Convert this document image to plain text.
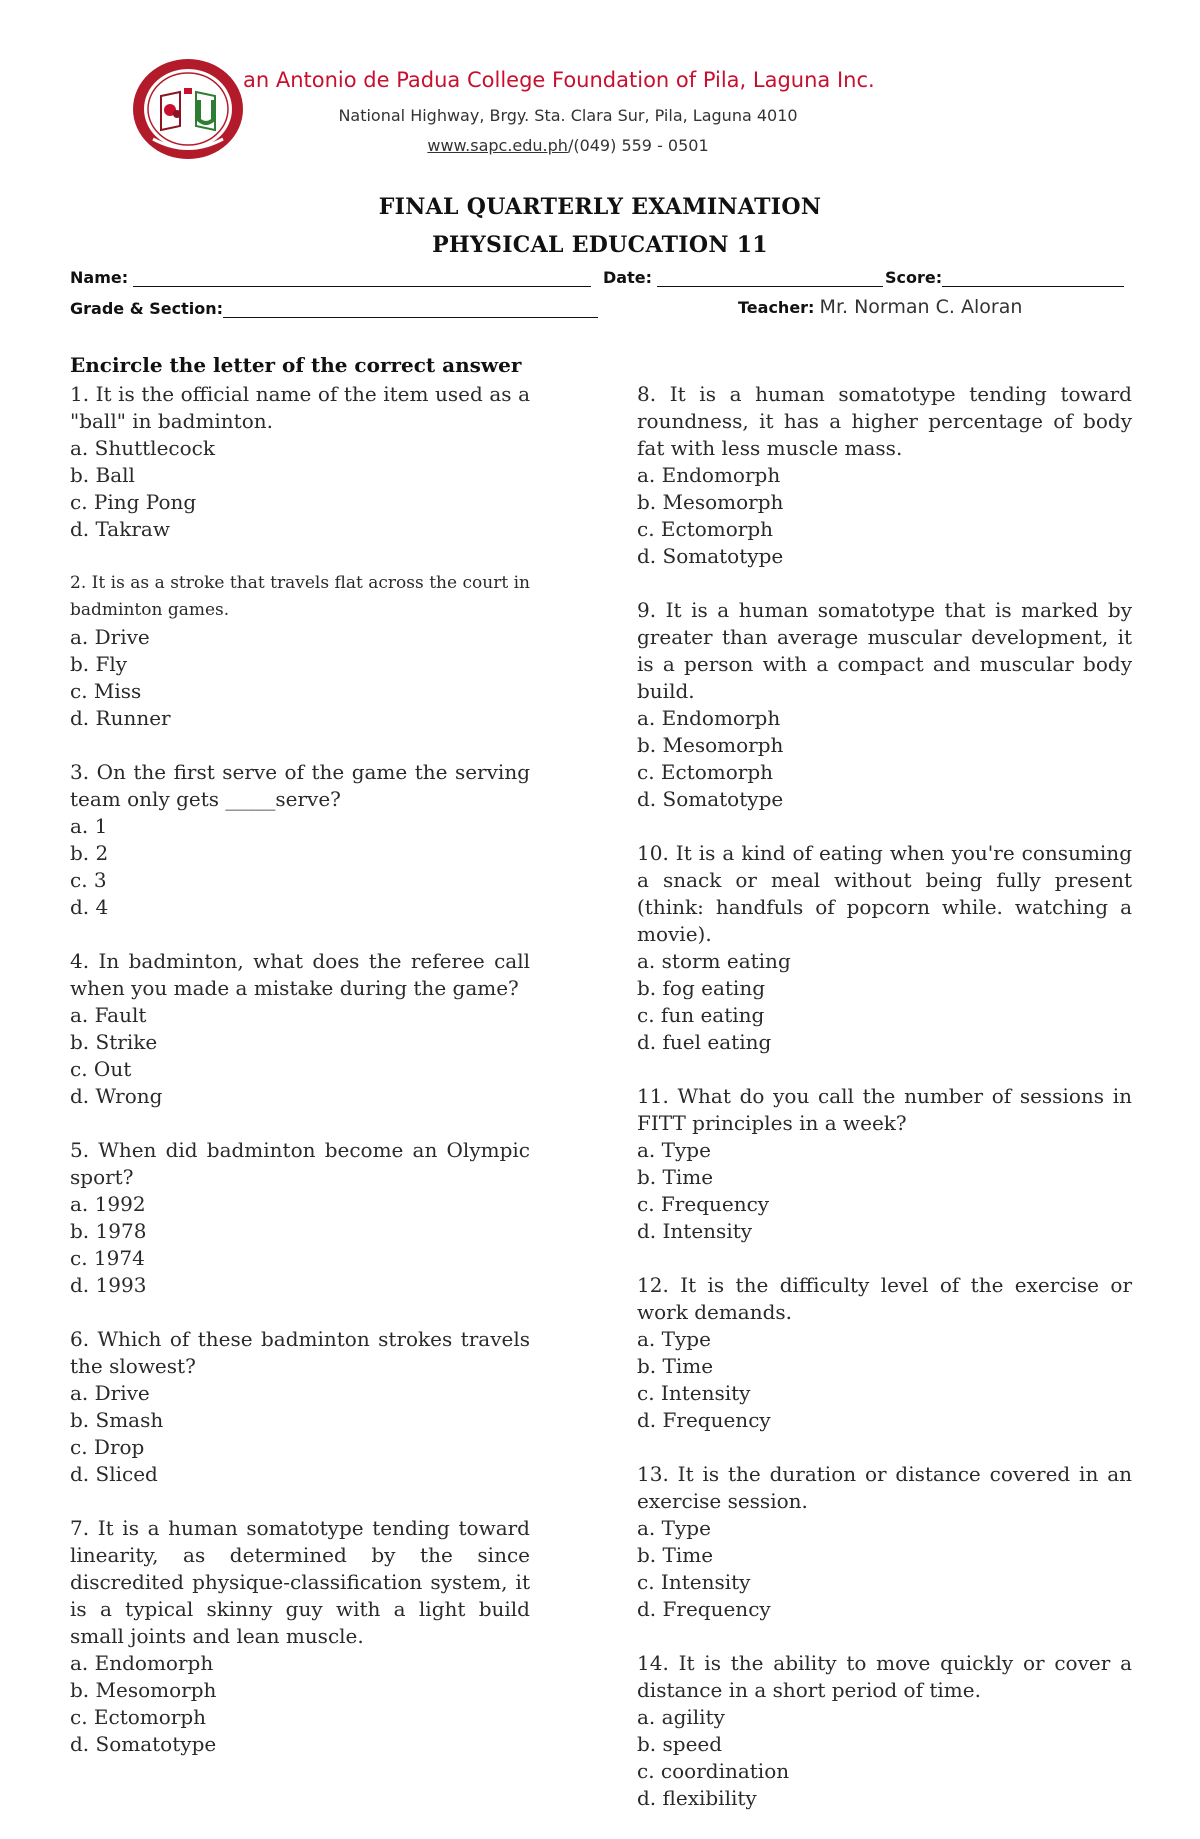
an Antonio de Padua College Foundation of Pila, Laguna Inc.
National Highway, Brgy. Sta. Clara Sur, Pila, Laguna 4010
www.sapc.edu.ph/(049) 559 - 0501
FINAL QUARTERLY EXAMINATION
PHYSICAL EDUCATION 11
Name:	Date:	Score:
Grade & Section:	Teacher: Mr. Norman C. Aloran
Encircle the letter of the correct answer
1. It is the official name of the item used as a "ball" in badminton.
a. Shuttlecock
b. Ball
c. Ping Pong
d. Takraw
2. It is as a stroke that travels flat across the court in badminton games.
a. Drive
b. Fly
c. Miss
d. Runner
3. On the first serve of the game the serving team only gets _____serve?
a. 1
b. 2
c. 3
d. 4
4. In badminton, what does the referee call when you made a mistake during the game?
a. Fault
b. Strike
c. Out
d. Wrong
5. When did badminton become an Olympic sport?
a. 1992
b. 1978
c. 1974
d. 1993
6. Which of these badminton strokes travels the slowest?
a. Drive
b. Smash
c. Drop
d. Sliced
7. It is a human somatotype tending toward linearity, as determined by the since discredited physique-classification system, it is a typical skinny guy with a light build small joints and lean muscle.
a. Endomorph
b. Mesomorph
c. Ectomorph
d. Somatotype
8. It is a human somatotype tending toward roundness, it has a higher percentage of body fat with less muscle mass.
a. Endomorph
b. Mesomorph
c. Ectomorph
d. Somatotype
9. It is a human somatotype that is marked by greater than average muscular development, it is a person with a compact and muscular body build.
a. Endomorph
b. Mesomorph
c. Ectomorph
d. Somatotype
10. It is a kind of eating when you're consuming a snack or meal without being fully present (think: handfuls of popcorn while. watching a movie).
a. storm eating
b. fog eating
c. fun eating
d. fuel eating
11. What do you call the number of sessions in FITT principles in a week?
a. Type
b. Time
c. Frequency
d. Intensity
12. It is the difficulty level of the exercise or work demands.
a. Type
b. Time
c. Intensity
d. Frequency
13. It is the duration or distance covered in an exercise session.
a. Type
b. Time
c. Intensity
d. Frequency
14. It is the ability to move quickly or cover a distance in a short period of time.
a. agility
b. speed
c. coordination
d. flexibility
